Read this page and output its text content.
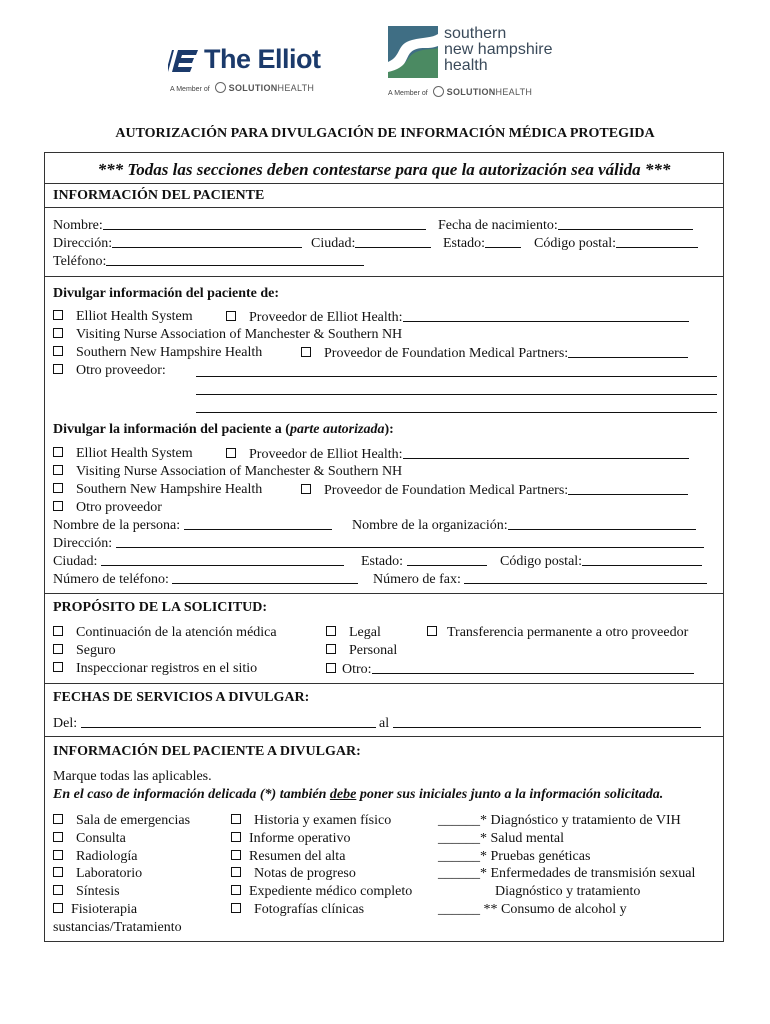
The Elliot
A Member of SOLUTIONHEALTH
southern
new hampshire
health
A Member of SOLUTIONHEALTH
AUTORIZACIÓN PARA DIVULGACIÓN DE INFORMACIÓN MÉDICA PROTEGIDA
*** Todas las secciones deben contestarse para que la autorización sea válida ***
INFORMACIÓN DEL PACIENTE
Nombre:	Fecha de nacimiento:
Dirección:	Ciudad:	Estado:	Código postal:
Teléfono:
Divulgar información del paciente de:
Elliot Health System	Proveedor de Elliot Health:
Visiting Nurse Association of Manchester & Southern NH
Southern New Hampshire Health	Proveedor de Foundation Medical Partners:
Otro proveedor:
Divulgar la información del paciente a (parte autorizada):
Elliot Health System	Proveedor de Elliot Health:
Visiting Nurse Association of Manchester & Southern NH
Southern New Hampshire Health	Proveedor de Foundation Medical Partners:
Otro proveedor
Nombre de la persona:	Nombre de la organización:
Dirección:
Ciudad:	Estado:	Código postal:
Número de teléfono:	Número de fax:
PROPÓSITO DE LA SOLICITUD:
Continuación de la atención médica
Seguro
Inspeccionar registros en el sitio
Legal
Personal
Otro:
Transferencia permanente a otro proveedor
FECHAS DE SERVICIOS A DIVULGAR:
Del:	al
INFORMACIÓN DEL PACIENTE A DIVULGAR:
Marque todas las aplicables.
En el caso de información delicada (*) también debe poner sus iniciales junto a la información solicitada.
Sala de emergencias
Consulta
Radiología
Laboratorio
Síntesis
Fisioterapia
sustancias/Tratamiento
Historia y examen físico
Informe operativo
Resumen del alta
Notas de progreso
Expediente médico completo
Fotografías clínicas
______* Diagnóstico y tratamiento de VIH
______* Salud mental
______* Pruebas genéticas
______* Enfermedades de transmisión sexual
Diagnóstico y tratamiento
______ ** Consumo de alcohol y
